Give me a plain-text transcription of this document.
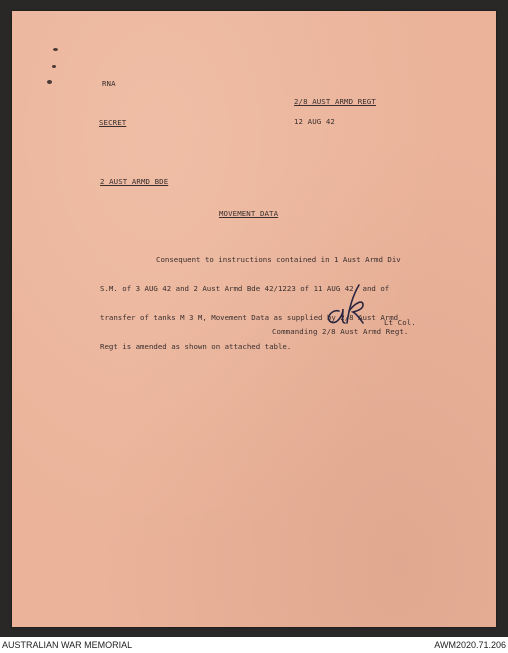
RNA
2/8 AUST ARMD REGT
SECRET	12 AUG 42
2 AUST ARMD BDE
MOVEMENT DATA

Consequent to instructions contained in 1 Aust Armd Div

S.M. of 3 AUG 42 and 2 Aust Armd Bde 42/1223 of 11 AUG 42, and of

transfer of tanks M 3 M, Movement Data as supplied by 2/8 Aust Armd

Regt is amended as shown on attached table.

Lt Col.
Commanding 2/8 Aust Armd Regt.
AUSTRALIAN WAR MEMORIAL	AWM2020.71.206
